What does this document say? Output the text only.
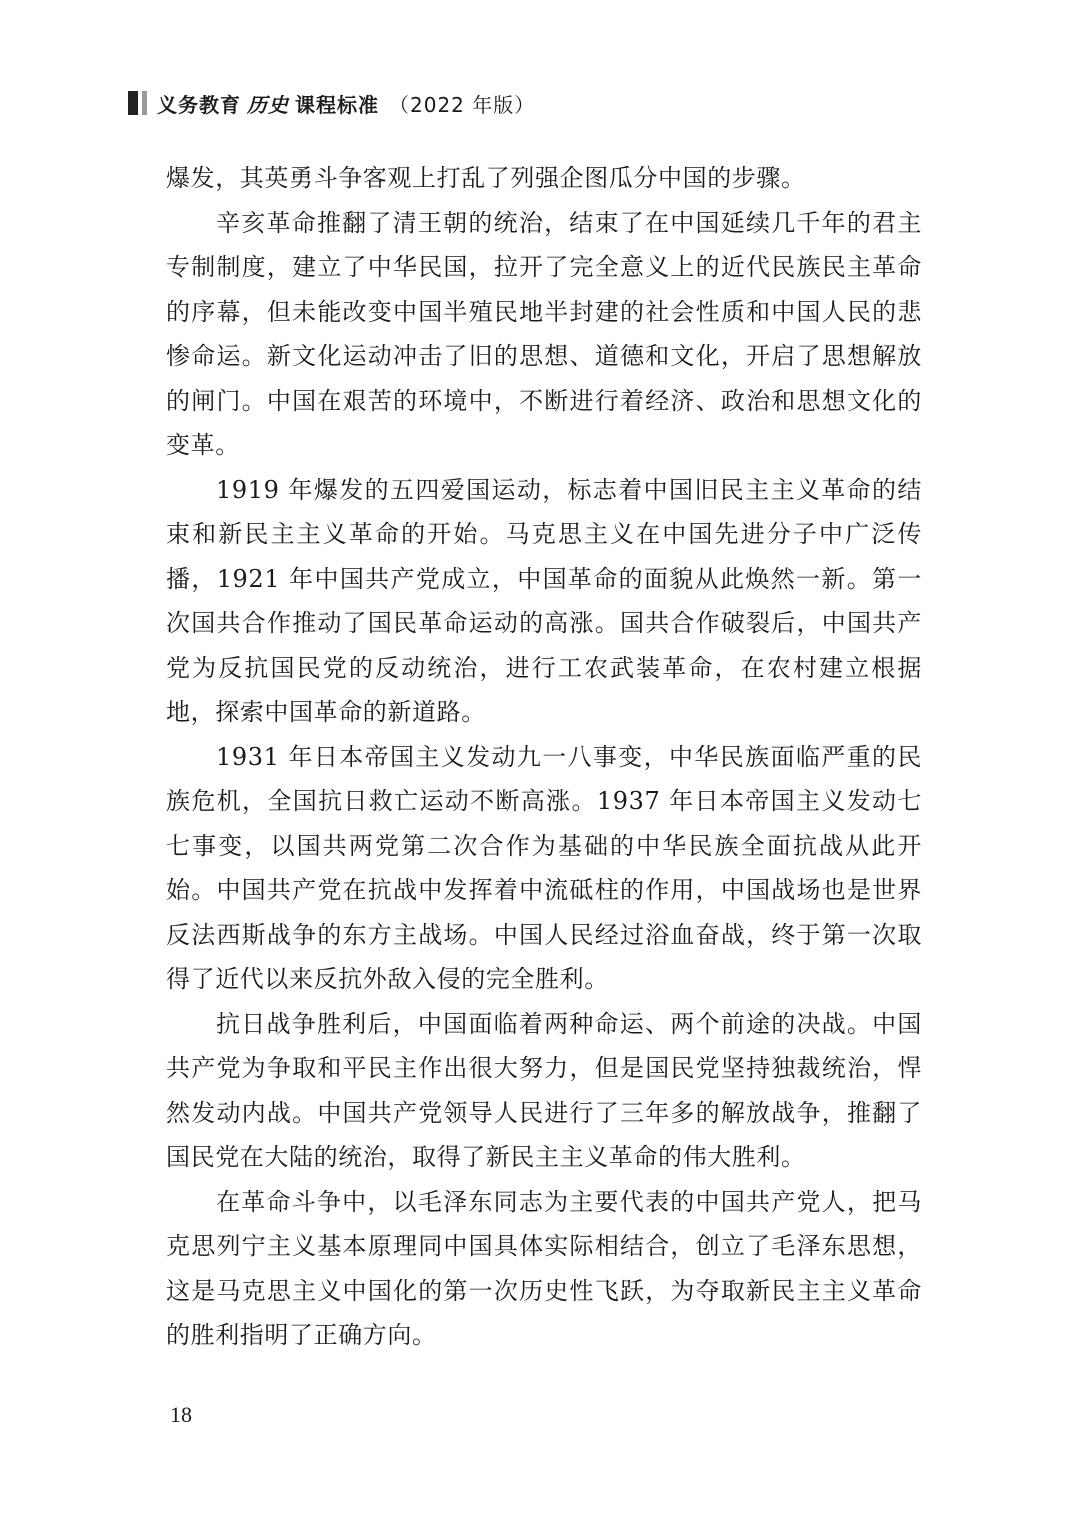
义务教育 历史 课程标准 （2022 年版）

爆发，其英勇斗争客观上打乱了列强企图瓜分中国的步骤。

辛亥革命推翻了清王朝的统治，结束了在中国延续几千年的君主专制制度，建立了中华民国，拉开了完全意义上的近代民族民主革命的序幕，但未能改变中国半殖民地半封建的社会性质和中国人民的悲惨命运。新文化运动冲击了旧的思想、道德和文化，开启了思想解放的闸门。中国在艰苦的环境中，不断进行着经济、政治和思想文化的变革。

1919 年爆发的五四爱国运动，标志着中国旧民主主义革命的结束和新民主主义革命的开始。马克思主义在中国先进分子中广泛传播，1921 年中国共产党成立，中国革命的面貌从此焕然一新。第一次国共合作推动了国民革命运动的高涨。国共合作破裂后，中国共产党为反抗国民党的反动统治，进行工农武装革命，在农村建立根据地，探索中国革命的新道路。

1931 年日本帝国主义发动九一八事变，中华民族面临严重的民族危机，全国抗日救亡运动不断高涨。1937 年日本帝国主义发动七七事变，以国共两党第二次合作为基础的中华民族全面抗战从此开始。中国共产党在抗战中发挥着中流砥柱的作用，中国战场也是世界反法西斯战争的东方主战场。中国人民经过浴血奋战，终于第一次取得了近代以来反抗外敌入侵的完全胜利。

抗日战争胜利后，中国面临着两种命运、两个前途的决战。中国共产党为争取和平民主作出很大努力，但是国民党坚持独裁统治，悍然发动内战。中国共产党领导人民进行了三年多的解放战争，推翻了国民党在大陆的统治，取得了新民主主义革命的伟大胜利。

在革命斗争中，以毛泽东同志为主要代表的中国共产党人，把马克思列宁主义基本原理同中国具体实际相结合，创立了毛泽东思想，这是马克思主义中国化的第一次历史性飞跃，为夺取新民主主义革命的胜利指明了正确方向。

18
